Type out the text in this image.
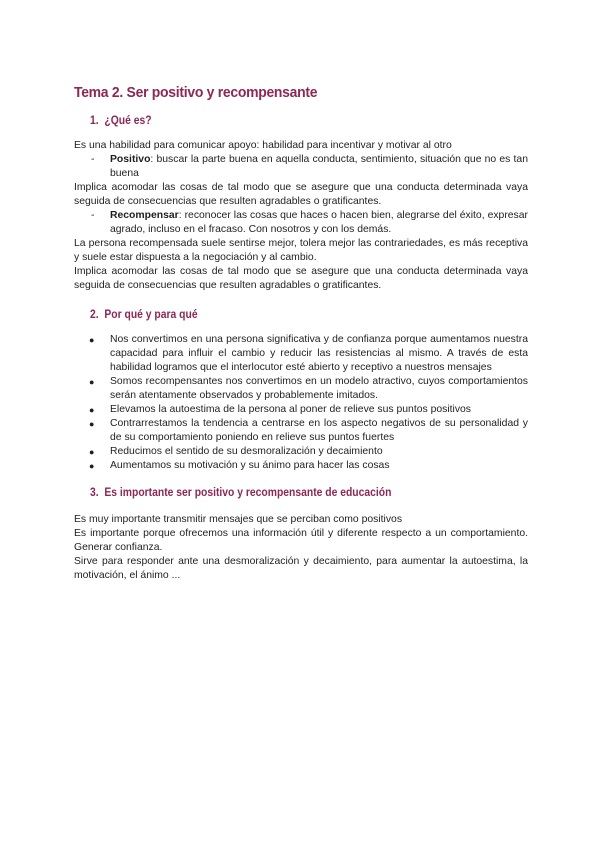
Tema 2. Ser positivo y recompensante
1. ¿Qué es?

Es una habilidad para comunicar apoyo: habilidad para incentivar y motivar al otro

- Positivo: buscar la parte buena en aquella conducta, sentimiento, situación que no es tan buena

Implica acomodar las cosas de tal modo que se asegure que una conducta determinada vaya seguida de consecuencias que resulten agradables o gratificantes.

- Recompensar: reconocer las cosas que haces o hacen bien, alegrarse del éxito, expresar agrado, incluso en el fracaso. Con nosotros y con los demás.

La persona recompensada suele sentirse mejor, tolera mejor las contrariedades, es más receptiva y suele estar dispuesta a la negociación y al cambio.

Implica acomodar las cosas de tal modo que se asegure que una conducta determinada vaya seguida de consecuencias que resulten agradables o gratificantes.

2. Por qué y para qué
● Nos convertimos en una persona significativa y de confianza porque aumentamos nuestra capacidad para influir el cambio y reducir las resistencias al mismo. A través de esta habilidad logramos que el interlocutor esté abierto y receptivo a nuestros mensajes
● Somos recompensantes nos convertimos en un modelo atractivo, cuyos comportamientos serán atentamente observados y probablemente imitados.
● Elevamos la autoestima de la persona al poner de relieve sus puntos positivos
● Contrarrestamos la tendencia a centrarse en los aspecto negativos de su personalidad y de su comportamiento poniendo en relieve sus puntos fuertes
● Reducimos el sentido de su desmoralización y decaimiento
● Aumentamos su motivación y su ánimo para hacer las cosas
3. Es importante ser positivo y recompensante de educación

Es muy importante transmitir mensajes que se perciban como positivos

Es importante porque ofrecemos una información útil y diferente respecto a un comportamiento. Generar confianza.

Sirve para responder ante una desmoralización y decaimiento, para aumentar la autoestima, la motivación, el ánimo ...
